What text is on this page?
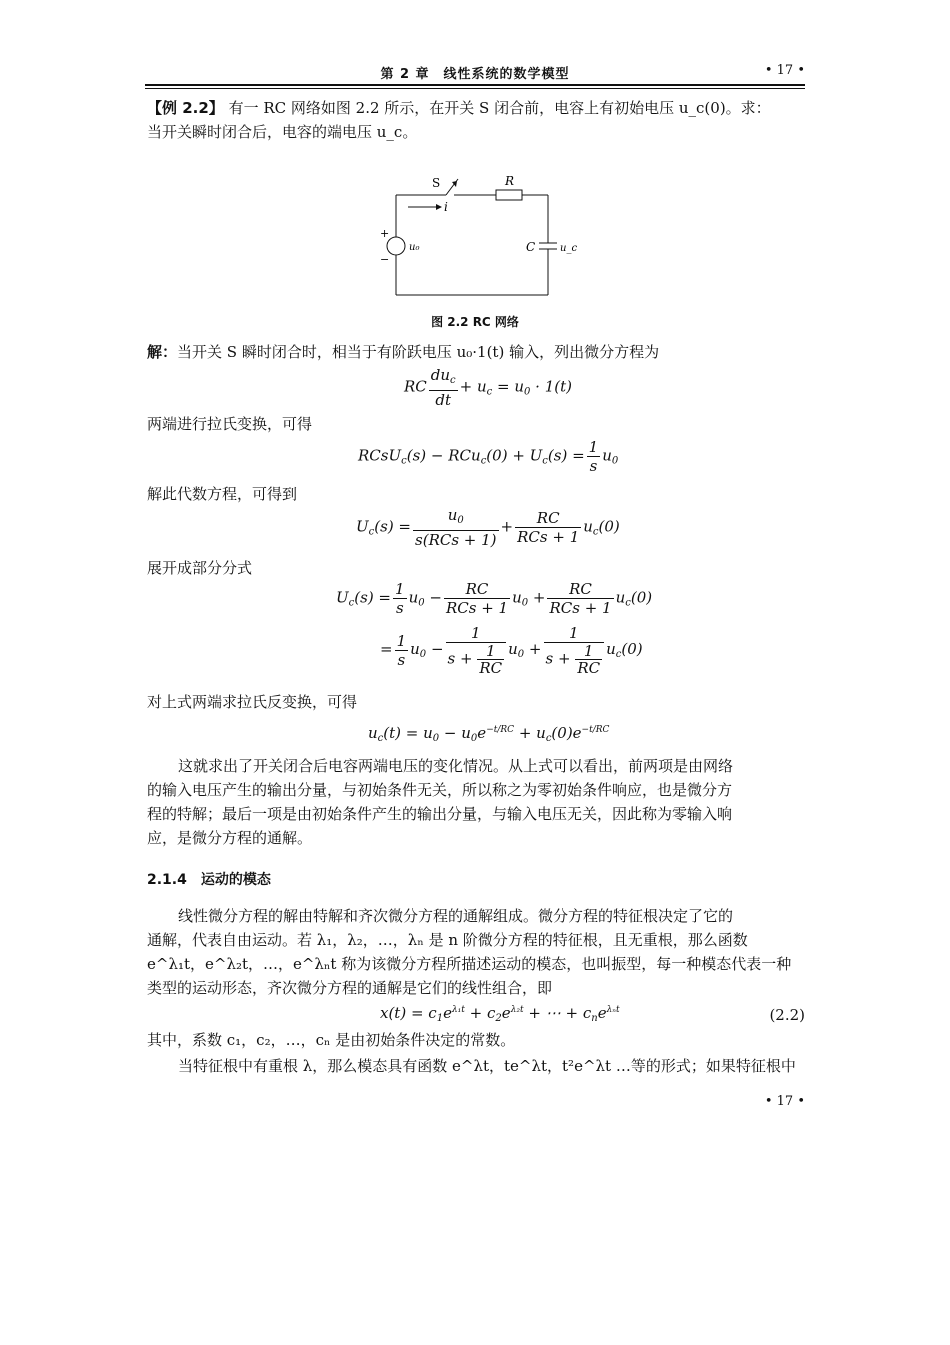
第 2 章　线性系统的数学模型	• 17 •
【例 2.2】 有一 RC 网络如图 2.2 所示，在开关 S 闭合前，电容上有初始电压 u_c(0)。求：
当开关瞬时闭合后，电容的端电压 u_c。
S
i
R
u₀
+
−
C u_c
图 2.2 RC 网络
解：当开关 S 瞬时闭合时，相当于有阶跃电压 u₀·1(t) 输入，列出微分方程为
RC $\frac{du_c}{dt} + u_c = u_0 \cdot 1(t)$
两端进行拉氏变换，可得
RCsU$_c$(s) − $RCu_c(0) + U_c(s) = \frac{1}{s} u_0$
解此代数方程，可得到
$U_c(s) = \frac{u_0}{\text{s(RCs + 1)}} + \frac{RC}{\text{RCs + 1}} u_c(0)$
展开成部分分式
$U_c(s) = \frac{1}{s} u_0 - \frac{RC}{\text{RCs + 1}} u_0 + \frac{RC}{\text{RCs + 1}} u_c(0)$
= $\frac{1}{s} u_0 - \frac{1}{s + \frac{1}{RC}} u_0 + \frac{1}{s + \frac{1}{RC}} u_c(0)$
对上式两端求拉氏反变换，可得
$u_c(t) = u_0 - u_0e^{-t/RC} + u_c(0)e^{-t/RC}$
这就求出了开关闭合后电容两端电压的变化情况。从上式可以看出，前两项是由网络
的输入电压产生的输出分量，与初始条件无关，所以称之为零初始条件响应，也是微分方
程的特解；最后一项是由初始条件产生的输出分量，与输入电压无关，因此称为零输入响
应，是微分方程的通解。
2.1.4　运动的模态
线性微分方程的解由特解和齐次微分方程的通解组成。微分方程的特征根决定了它的
通解，代表自由运动。若 λ₁，λ₂，…，λₙ 是 n 阶微分方程的特征根，且无重根，那么函数
e^λ₁t，e^λ₂t，…，e^λₙt 称为该微分方程所描述运动的模态，也叫振型，每一种模态代表一种
类型的运动形态，齐次微分方程的通解是它们的线性组合，即
$x(t) = c_1e^{\lambda_1t} + c_2e^{\lambda_2t}$ + ⋯ + $c_ne^{\lambda_nt}$	(2.2)
其中，系数 c₁，c₂，…，cₙ 是由初始条件决定的常数。
当特征根中有重根 λ，那么模态具有函数 e^λt，te^λt，t²e^λt …等的形式；如果特征根中
• 17 •
